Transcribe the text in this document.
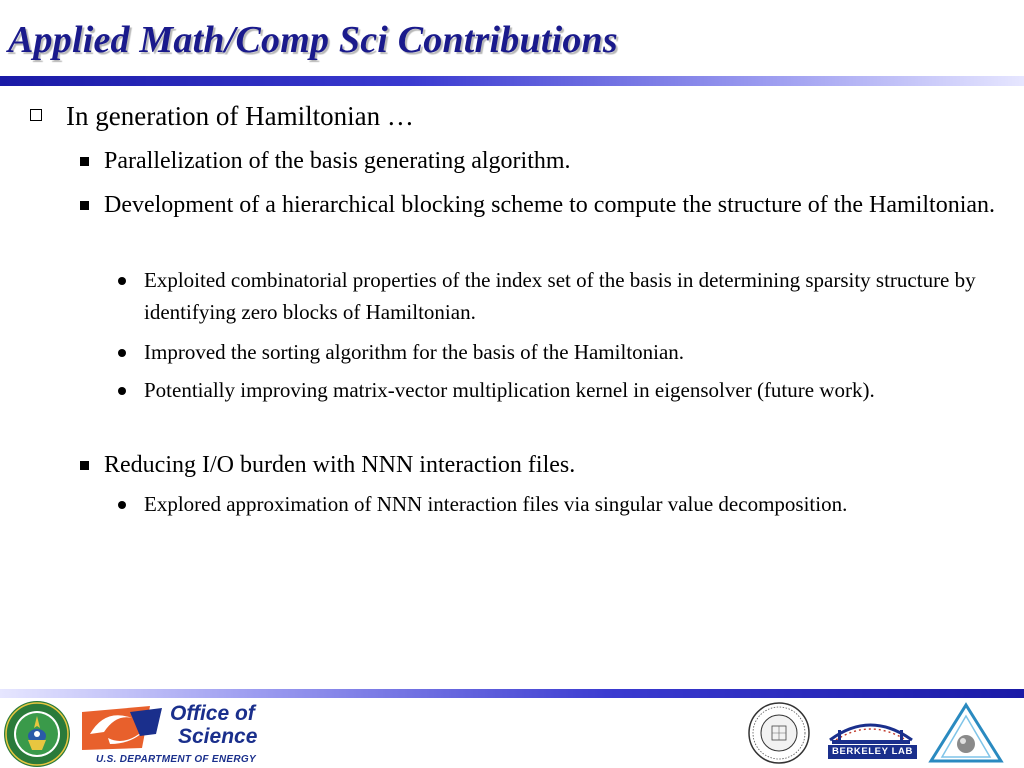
Applied Math/Comp Sci Contributions
In generation of Hamiltonian …
Parallelization of the basis generating algorithm.
Development of a hierarchical blocking scheme to compute the structure of the Hamiltonian.
Exploited combinatorial properties of the index set of the basis in determining sparsity structure by identifying zero blocks of Hamiltonian.
Improved the sorting algorithm for the basis of the Hamiltonian.
Potentially improving matrix-vector multiplication kernel in eigensolver (future work).
Reducing I/O burden with NNN interaction files.
Explored approximation of NNN interaction files via singular value decomposition.
Office of
Science
U.S. DEPARTMENT OF ENERGY
BERKELEY LAB
